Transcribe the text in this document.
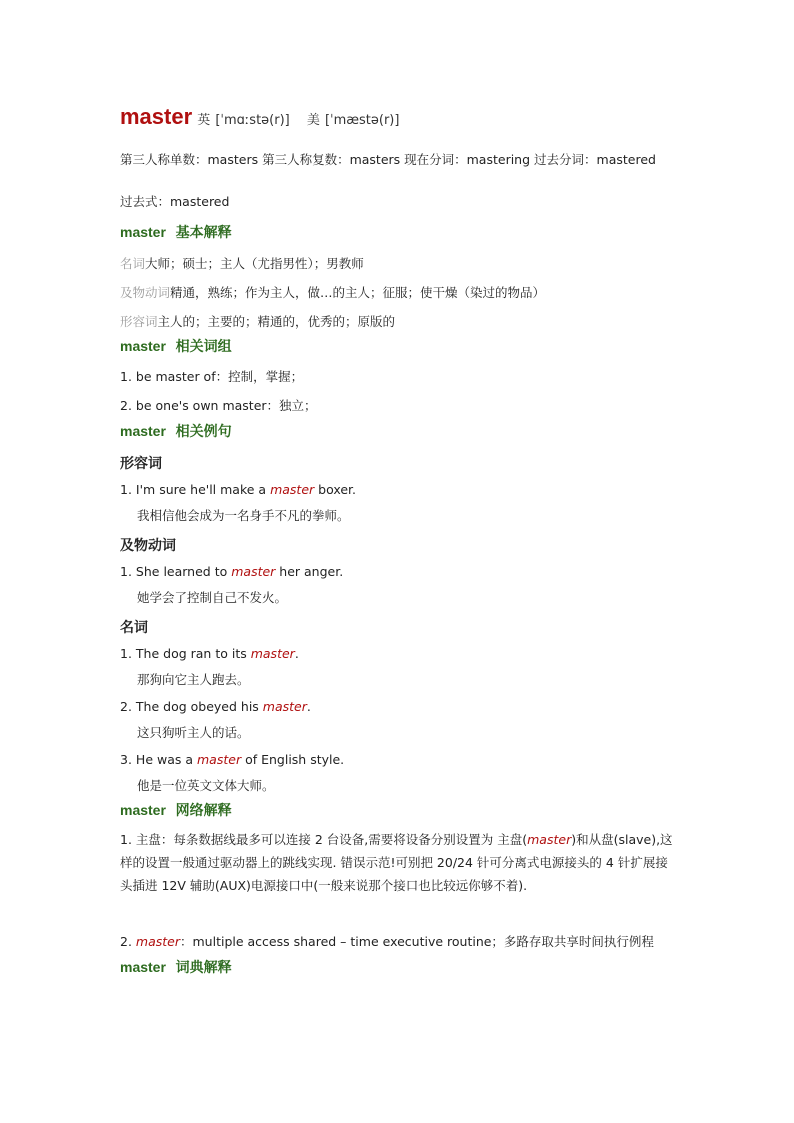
master 英 [ˈmɑːstə(r)] 美 [ˈmæstə(r)]
第三人称单数：masters 第三人称复数：masters 现在分词：mastering 过去分词：mastered
过去式：mastered
master 基本解释
名词大师；硕士；主人（尤指男性）；男教师
及物动词精通，熟练；作为主人，做…的主人；征服；使干燥（染过的物品）
形容词主人的；主要的；精通的，优秀的；原版的
master 相关词组
1. be master of：控制，掌握；
2. be one's own master：独立；
master 相关例句
形容词
1. I'm sure he'll make a master boxer.
我相信他会成为一名身手不凡的拳师。
及物动词
1. She learned to master her anger.
她学会了控制自己不发火。
名词
1. The dog ran to its master.
那狗向它主人跑去。
2. The dog obeyed his master.
这只狗听主人的话。
3. He was a master of English style.
他是一位英文文体大师。
master 网络解释
1. 主盘：每条数据线最多可以连接 2 台设备,需要将设备分别设置为 主盘(master)和从盘(slave),这样的设置一般通过驱动器上的跳线实现. 错误示范!可别把 20/24 针可分离式电源接头的 4 针扩展接头插进 12V 辅助(AUX)电源接口中(一般来说那个接口也比较远你够不着).
2. master：multiple access shared – time executive routine；多路存取共享时间执行例程
master 词典解释
